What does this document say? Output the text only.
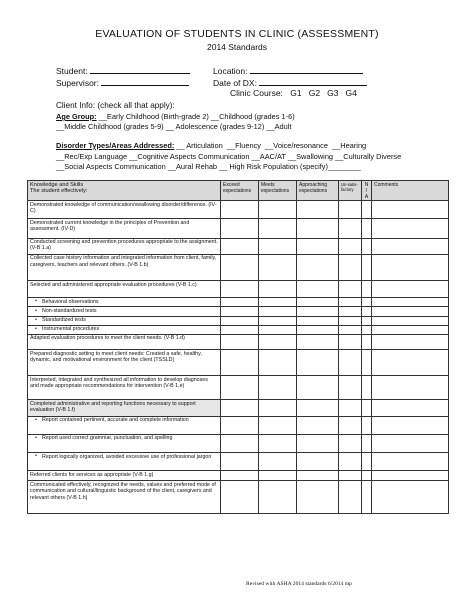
EVALUATION OF STUDENTS IN CLINIC (ASSESSMENT)
2014 Standards
Student:	Location:
Supervisor:	Date of DX:
Clinic Course: G1   G2   G3   G4
Client Info: (check all that apply):
Age Group: __Early Childhood (Birth-grade 2) __Childhood (grades 1-6)
__Middle Childhood (grades 5-9) __ Adolescence (grades 9-12) __Adult
Disorder Types/Areas Addressed: __ Articulation  __Fluency  __Voice/resonance  __Hearing
__Rec/Exp Language __Cognitive Aspects Communication __AAC/AT __Swallowing __Culturally Diverse
__Social Aspects Communication __Aural Rehab __ High Risk Population (specify)________
Knowledge and Skills
The student effectively:	Exceed expectations	Meets expectations	Approaching expectations	Un-satis-factory	N / A	Comments
Demonstrated knowledge of communication/swallowing disorder/difference. (IV-C)						
Demonstrated current knowledge in the principles of Prevention and assessment. (IV-D)						
Conducted screening and prevention procedures appropriate to the assignment. (V-B 1.a)						
Collected case history information and integrated information from client, family, caregivers, teachers and relevant others. (V-B 1.b)						
Selected and administered appropriate evaluation procedures (V-B 1.c)						
• Behavioral observations						
• Non-standardized tests						
• Standardized tests						
• Instrumental procedures						
Adapted evaluation procedures to meet the client needs. (V-B 1.d)						
Prepared diagnostic setting to meet client needs: Created a safe, healthy, dynamic, and motivational environment for the client (TSSLD)						
Interpreted, integrated and synthesized all information to develop diagnoses and made appropriate recommendations for intervention (V-B 1.e)						
Completed administrative and reporting functions necessary to support evaluation (V-B 1.f)						
• Report contained pertinent, accurate and complete information						
• Report used correct grammar, punctuation, and spelling						
• Report logically organized, avoided excessive use of professional jargon						
Referred clients for services as appropriate (V-B 1.g)						
Communicated effectively, recognized the needs, values and preferred mode of communication and cultural/linguistic background of the client, caregivers and relevant others (V-B 1.h)						
Revised with ASHA 2014 standards 6/2014 mp
